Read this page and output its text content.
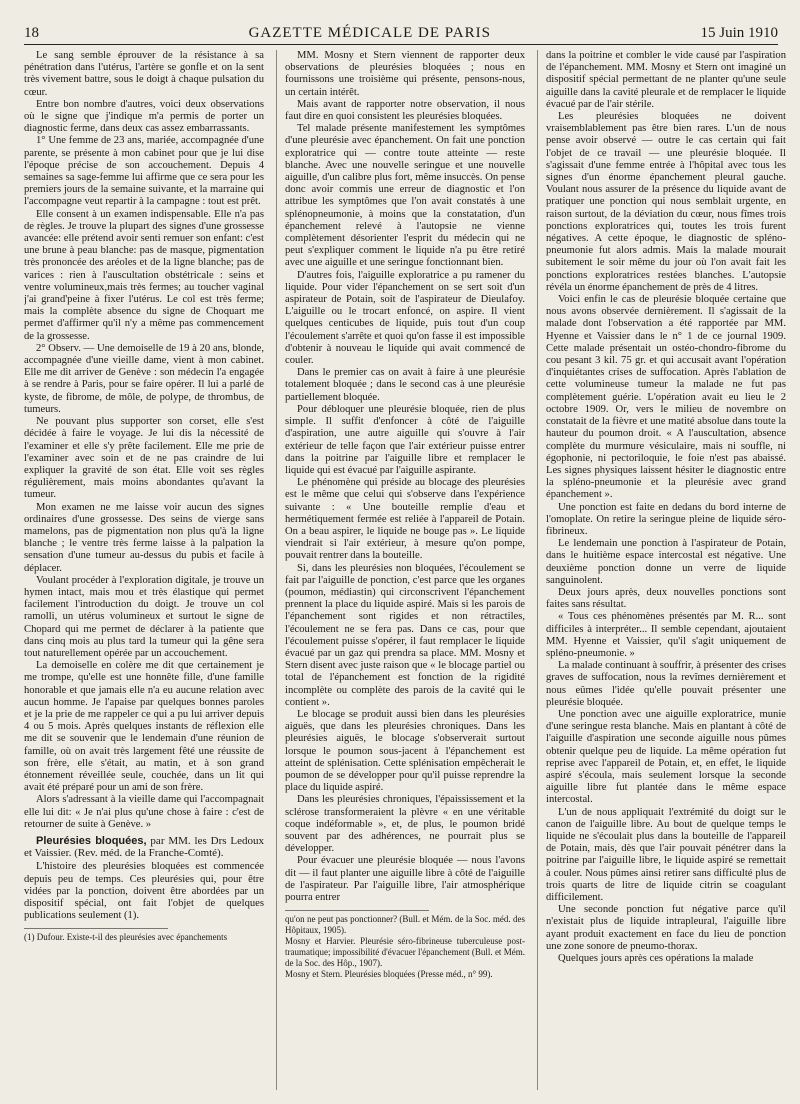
18	GAZETTE MÉDICALE DE PARIS	15 Juin 1910

Le sang semble éprouver de la résistance à sa pénétration dans l'utérus, l'artère se gonfle et on la sent très vivement battre, sous le doigt à chaque pulsation du cœur.

Entre bon nombre d'autres, voici deux observations où le signe que j'indique m'a permis de porter un diagnostic ferme, dans deux cas assez embarrassants.

1° Une femme de 23 ans, mariée, accompagnée d'une parente, se présente à mon cabinet pour que je lui dise l'époque précise de son accouchement. Depuis 4 semaines sa sage-femme lui affirme que ce sera pour les premiers jours de la semaine suivante, et la marraine qui l'accompagne veut repartir à la campagne : tout est prêt.

Elle consent à un examen indispensable. Elle n'a pas de règles. Je trouve la plupart des signes d'une grossesse avancée: elle prétend avoir senti remuer son enfant: c'est une brune à peau blanche: pas de masque, pigmentation très prononcée des aréoles et de la ligne blanche; pas de varices : rien à l'auscultation obstétricale : seins et ventre volumineux,mais très fermes; au toucher vaginal j'ai grand'peine à fixer l'utérus. Le col est très ferme; mais la complète absence du signe de Choquart me permet d'affirmer qu'il n'y a même pas commencement de la grossesse.

2° Observ. — Une demoiselle de 19 à 20 ans, blonde, accompagnée d'une vieille dame, vient à mon cabinet. Elle me dit arriver de Genève : son médecin l'a engagée à se rendre à Paris, pour se faire opérer. Il lui a parlé de kyste, de fibrome, de môle, de polype, de thrombus, de tumeurs.

Ne pouvant plus supporter son corset, elle s'est décidée à faire le voyage. Je lui dis la nécessité de l'examiner et elle s'y prête facilement. Elle me prie de l'examiner avec soin et de ne pas craindre de lui expliquer la gravité de son état. Elle voit ses règles régulièrement, mais moins abondantes qu'avant la tumeur.

Mon examen ne me laisse voir aucun des signes ordinaires d'une grossesse. Des seins de vierge sans mamelons, pas de pigmentation non plus qu'à la ligne blanche ; le ventre très ferme laisse à la palpation la sensation d'une tumeur au-dessus du pubis et facile à déplacer.

Voulant procéder à l'exploration digitale, je trouve un hymen intact, mais mou et très élastique qui permet facilement l'introduction du doigt. Je trouve un col ramolli, un utérus volumineux et surtout le signe de Chopard qui me permet de déclarer à la patiente que dans cinq mois au plus tard la tumeur qui la gêne sera tout naturellement opérée par un accouchement.

La demoiselle en colère me dit que certainement je me trompe, qu'elle est une honnête fille, d'une famille honorable et que jamais elle n'a eu aucune relation avec aucun homme. Je l'apaise par quelques bonnes paroles et je la prie de me rappeler ce qui a pu lui arriver depuis 4 ou 5 mois. Après quelques instants de réflexion elle me dit se souvenir que le lendemain d'une réunion de famille, où on avait très largement fêté une réussite de son frère, elle s'était, au matin, et à son grand étonnement réveillée seule, couchée, dans un lit qui avait été préparé pour un ami de son frère.

Alors s'adressant à la vieille dame qui l'accompagnait elle lui dit: « Je n'ai plus qu'une chose à faire : c'est de retourner de suite à Genève. »

Pleurésies bloquées, par MM. les Drs Ledoux et Vaissier. (Rev. méd. de la Franche-Comté).

L'histoire des pleurésies bloquées est commencée depuis peu de temps. Ces pleurésies qui, pour être vidées par la ponction, doivent être abordées par un dispositif spécial, ont fait l'objet de quelques publications seulement (1).

(1) Dufour. Existe-t-il des pleurésies avec épanchements

MM. Mosny et Stern viennent de rapporter deux observations de pleurésies bloquées ; nous en fournissons une troisième qui présente, pensons-nous, un certain intérêt.

Mais avant de rapporter notre observation, il nous faut dire en quoi consistent les pleurésies bloquées.

Tel malade présente manifestement les symptômes d'une pleurésie avec épanchement. On fait une ponction exploratrice qui — contre toute atteinte — reste blanche. Avec une nouvelle seringue et une nouvelle aiguille, d'un calibre plus fort, même insuccès. On pense donc avoir commis une erreur de diagnostic et l'on attribue les symptômes que l'on avait constatés à une splénopneumonie, à moins que la constatation, d'un épanchement relevé à l'autopsie ne vienne complètement désorienter l'esprit du médecin qui ne peut s'expliquer comment le liquide n'a pu être retiré avec une aiguille et une seringue fonctionnant bien.

D'autres fois, l'aiguille exploratrice a pu ramener du liquide. Pour vider l'épanchement on se sert soit d'un aspirateur de Potain, soit de l'aspirateur de Dieulafoy. L'aiguille ou le trocart enfoncé, on aspire. Il vient quelques centicubes de liquide, puis tout d'un coup l'écoulement s'arrête et quoi qu'on fasse il est impossible d'obtenir à nouveau le liquide qui avait commencé de couler.

Dans le premier cas on avait à faire à une pleurésie totalement bloquée ; dans le second cas à une pleurésie partiellement bloquée.

Pour débloquer une pleurésie bloquée, rien de plus simple. Il suffit d'enfoncer à côté de l'aiguille d'aspiration, une autre aiguille qui s'ouvre à l'air extérieur de telle façon que l'air extérieur puisse entrer dans la poitrine par l'aiguille libre et remplacer le liquide qui est évacué par l'aiguille aspirante.

Le phénomène qui préside au blocage des pleurésies est le même que celui qui s'observe dans l'expérience suivante : « Une bouteille remplie d'eau et hermétiquement fermée est reliée à l'appareil de Potain. On a beau aspirer, le liquide ne bouge pas ». Le liquide viendrait si l'air extérieur, à mesure qu'on pompe, pouvait rentrer dans la bouteille.

Si, dans les pleurésies non bloquées, l'écoulement se fait par l'aiguille de ponction, c'est parce que les organes (poumon, médiastin) qui circonscrivent l'épanchement prennent la place du liquide aspiré. Mais si les parois de l'épanchement sont rigides et non rétractiles, l'écoulement ne se fera pas. Dans ce cas, pour que l'écoulement puisse s'opérer, il faut remplacer le liquide évacué par un gaz qui prendra sa place. MM. Mosny et Stern disent avec juste raison que « le blocage partiel ou total de l'épanchement est fonction de la rigidité incomplète ou complète des parois de la cavité qui le contient ».

Le blocage se produit aussi bien dans les pleurésies aiguës, que dans les pleurésies chroniques. Dans les pleurésies aiguës, le blocage s'observerait surtout lorsque le poumon sous-jacent à l'épanchement est atteint de splénisation. Cette splénisation empêcherait le poumon de se développer pour qu'il puisse reprendre la place du liquide aspiré.

Dans les pleurésies chroniques, l'épaississement et la sclérose transformeraient la plèvre « en une véritable coque indéformable », et, de plus, le poumon bridé souvent par des adhérences, ne pourrait plus se développer.

Pour évacuer une pleurésie bloquée — nous l'avons dit — il faut planter une aiguille libre à côté de l'aiguille de l'aspirateur. Par l'aiguille libre, l'air atmosphérique pourra entrer

qu'on ne peut pas ponctionner? (Bull. et Mém. de la Soc. méd. des Hôpitaux, 1905).

Mosny et Harvier. Pleurésie séro-fibrineuse tuberculeuse post-traumatique; impossibilité d'évacuer l'épanchement (Bull. et Mém. de la Soc. des Hôp., 1907).

Mosny et Stern. Pleurésies bloquées (Presse méd., n° 99).

dans la poitrine et combler le vide causé par l'aspiration de l'épanchement. MM. Mosny et Stern ont imaginé un dispositif spécial permettant de ne planter qu'une seule aiguille dans la cavité pleurale et de remplacer le liquide évacué par de l'air stérile.

Les pleurésies bloquées ne doivent vraisemblablement pas être bien rares. L'un de nous pense avoir observé — outre le cas certain qui fait l'objet de ce travail — une pleurésie bloquée. Il s'agissait d'une femme entrée à l'hôpital avec tous les signes d'un énorme épanchement pleural gauche. Voulant nous assurer de la présence du liquide avant de pratiquer une ponction qui nous semblait urgente, en raison surtout, de la déviation du cœur, nous fîmes trois ponctions exploratrices qui, toutes les trois furent négatives. A cette époque, le diagnostic de spléno-pneumonie fut alors admis. Mais la malade mourait subitement le soir même du jour où l'on avait fait les ponctions exploratrices restées blanches. L'autopsie révéla un énorme épanchement de près de 4 litres.

Voici enfin le cas de pleurésie bloquée certaine que nous avons observée dernièrement. Il s'agissait de la malade dont l'observation a été rapportée par MM. Hyenne et Vaissier dans le n° 1 de ce journal 1909. Cette malade présentait un ostéo-chondro-fibrome du cou pesant 3 kil. 75 gr. et qui accusait avant l'opération d'inquiétantes crises de suffocation. Après l'ablation de cette volumineuse tumeur la malade ne fut pas complètement guérie. L'opération avait eu lieu le 2 octobre 1909. Or, vers le milieu de novembre on constatait de la fièvre et une matité absolue dans toute la hauteur du poumon droit. « A l'auscultation, absence complète du murmure vésiculaire, mais ni souffle, ni égophonie, ni pectoriloquie, le foie n'est pas abaissé. Les signes physiques laissent hésiter le diagnostic entre la spléno-pneumonie et la pleurésie avec grand épanchement ».

Une ponction est faite en dedans du bord interne de l'omoplate. On retire la seringue pleine de liquide séro-fibrineux.

Le lendemain une ponction à l'aspirateur de Potain, dans le huitième espace intercostal est négative. Une deuxième ponction donne un verre de liquide sanguinolent.

Deux jours après, deux nouvelles ponctions sont faites sans résultat.

« Tous ces phénomènes présentés par M. R... sont difficiles à interpréter... Il semble cependant, ajoutaient MM. Hyenne et Vaissier, qu'il s'agit uniquement de spléno-pneumonie. »

La malade continuant à souffrir, à présenter des crises graves de suffocation, nous la revîmes dernièrement et nous eûmes l'idée qu'elle pouvait présenter une pleurésie bloquée.

Une ponction avec une aiguille exploratrice, munie d'une seringue resta blanche. Mais en plantant à côté de l'aiguille d'aspiration une seconde aiguille nous pûmes obtenir quelque peu de liquide. La même opération fut reprise avec l'appareil de Potain, et, en effet, le liquide aspiré s'écoula, mais seulement lorsque la seconde aiguille libre fut plantée dans le même espace intercostal.

L'un de nous appliquait l'extrémité du doigt sur le canon de l'aiguille libre. Au bout de quelque temps le liquide ne s'écoulait plus dans la bouteille de l'appareil de Potain, mais, dès que l'air pouvait pénétrer dans la poitrine par l'aiguille libre, le liquide aspiré se remettait à couler. Nous pûmes ainsi retirer sans difficulté plus de trois quarts de litre de liquide citrin se coagulant difficilement.

Une seconde ponction fut négative parce qu'il n'existait plus de liquide intrapleural, l'aiguille libre ayant produit exactement en face du lieu de ponction une zone sonore de pneumo-thorax.

Quelques jours après ces opérations la malade
